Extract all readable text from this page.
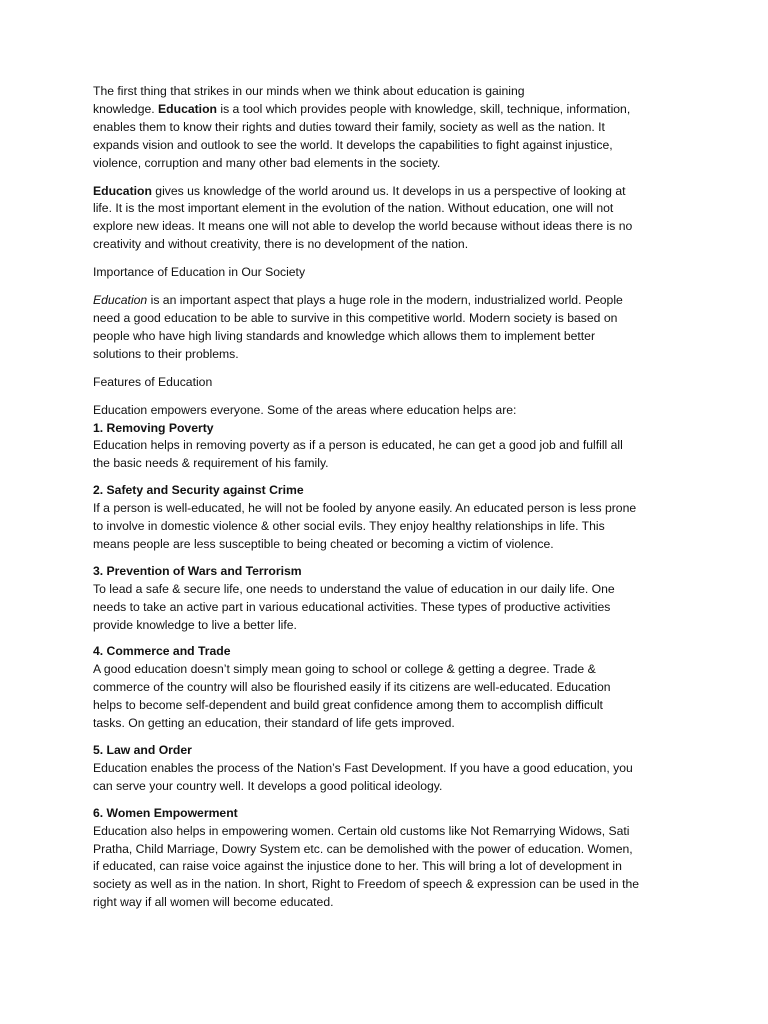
The first thing that strikes in our minds when we think about education is gaining
knowledge. Education is a tool which provides people with knowledge, skill, technique, information,
enables them to know their rights and duties toward their family, society as well as the nation. It
expands vision and outlook to see the world. It develops the capabilities to fight against injustice,
violence, corruption and many other bad elements in the society.

Education gives us knowledge of the world around us. It develops in us a perspective of looking at
life. It is the most important element in the evolution of the nation. Without education, one will not
explore new ideas. It means one will not able to develop the world because without ideas there is no
creativity and without creativity, there is no development of the nation.

Importance of Education in Our Society

Education is an important aspect that plays a huge role in the modern, industrialized world. People
need a good education to be able to survive in this competitive world. Modern society is based on
people who have high living standards and knowledge which allows them to implement better
solutions to their problems.

Features of Education

Education empowers everyone. Some of the areas where education helps are:

1. Removing Poverty

Education helps in removing poverty as if a person is educated, he can get a good job and fulfill all
the basic needs & requirement of his family.

2. Safety and Security against Crime

If a person is well-educated, he will not be fooled by anyone easily. An educated person is less prone
to involve in domestic violence & other social evils. They enjoy healthy relationships in life. This
means people are less susceptible to being cheated or becoming a victim of violence.

3. Prevention of Wars and Terrorism

To lead a safe & secure life, one needs to understand the value of education in our daily life. One
needs to take an active part in various educational activities. These types of productive activities
provide knowledge to live a better life.

4. Commerce and Trade

A good education doesn’t simply mean going to school or college & getting a degree. Trade &
commerce of the country will also be flourished easily if its citizens are well-educated. Education
helps to become self-dependent and build great confidence among them to accomplish difficult
tasks. On getting an education, their standard of life gets improved.

5. Law and Order

Education enables the process of the Nation’s Fast Development. If you have a good education, you
can serve your country well. It develops a good political ideology.

6. Women Empowerment

Education also helps in empowering women. Certain old customs like Not Remarrying Widows, Sati
Pratha, Child Marriage, Dowry System etc. can be demolished with the power of education. Women,
if educated, can raise voice against the injustice done to her. This will bring a lot of development in
society as well as in the nation. In short, Right to Freedom of speech & expression can be used in the
right way if all women will become educated.
